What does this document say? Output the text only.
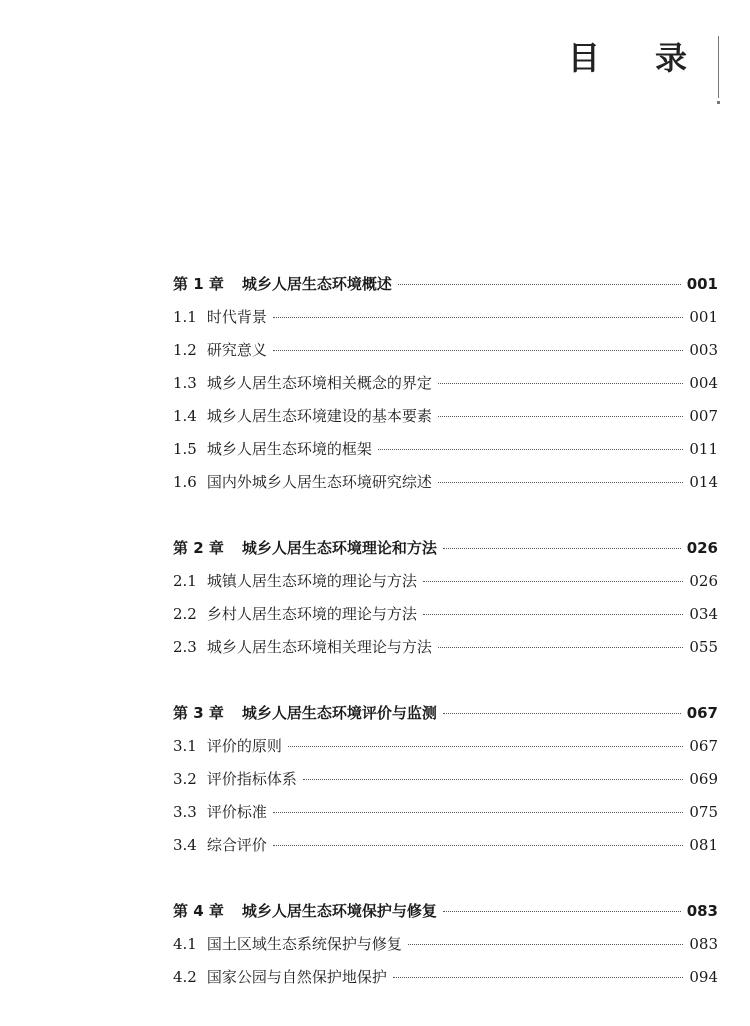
目 录
第 1 章 城乡人居生态环境概述	001
1.1 时代背景	001
1.2 研究意义	003
1.3 城乡人居生态环境相关概念的界定	004
1.4 城乡人居生态环境建设的基本要素	007
1.5 城乡人居生态环境的框架	011
1.6 国内外城乡人居生态环境研究综述	014
第 2 章 城乡人居生态环境理论和方法	026
2.1 城镇人居生态环境的理论与方法	026
2.2 乡村人居生态环境的理论与方法	034
2.3 城乡人居生态环境相关理论与方法	055
第 3 章 城乡人居生态环境评价与监测	067
3.1 评价的原则	067
3.2 评价指标体系	069
3.3 评价标准	075
3.4 综合评价	081
第 4 章 城乡人居生态环境保护与修复	083
4.1 国土区域生态系统保护与修复	083
4.2 国家公园与自然保护地保护	094
